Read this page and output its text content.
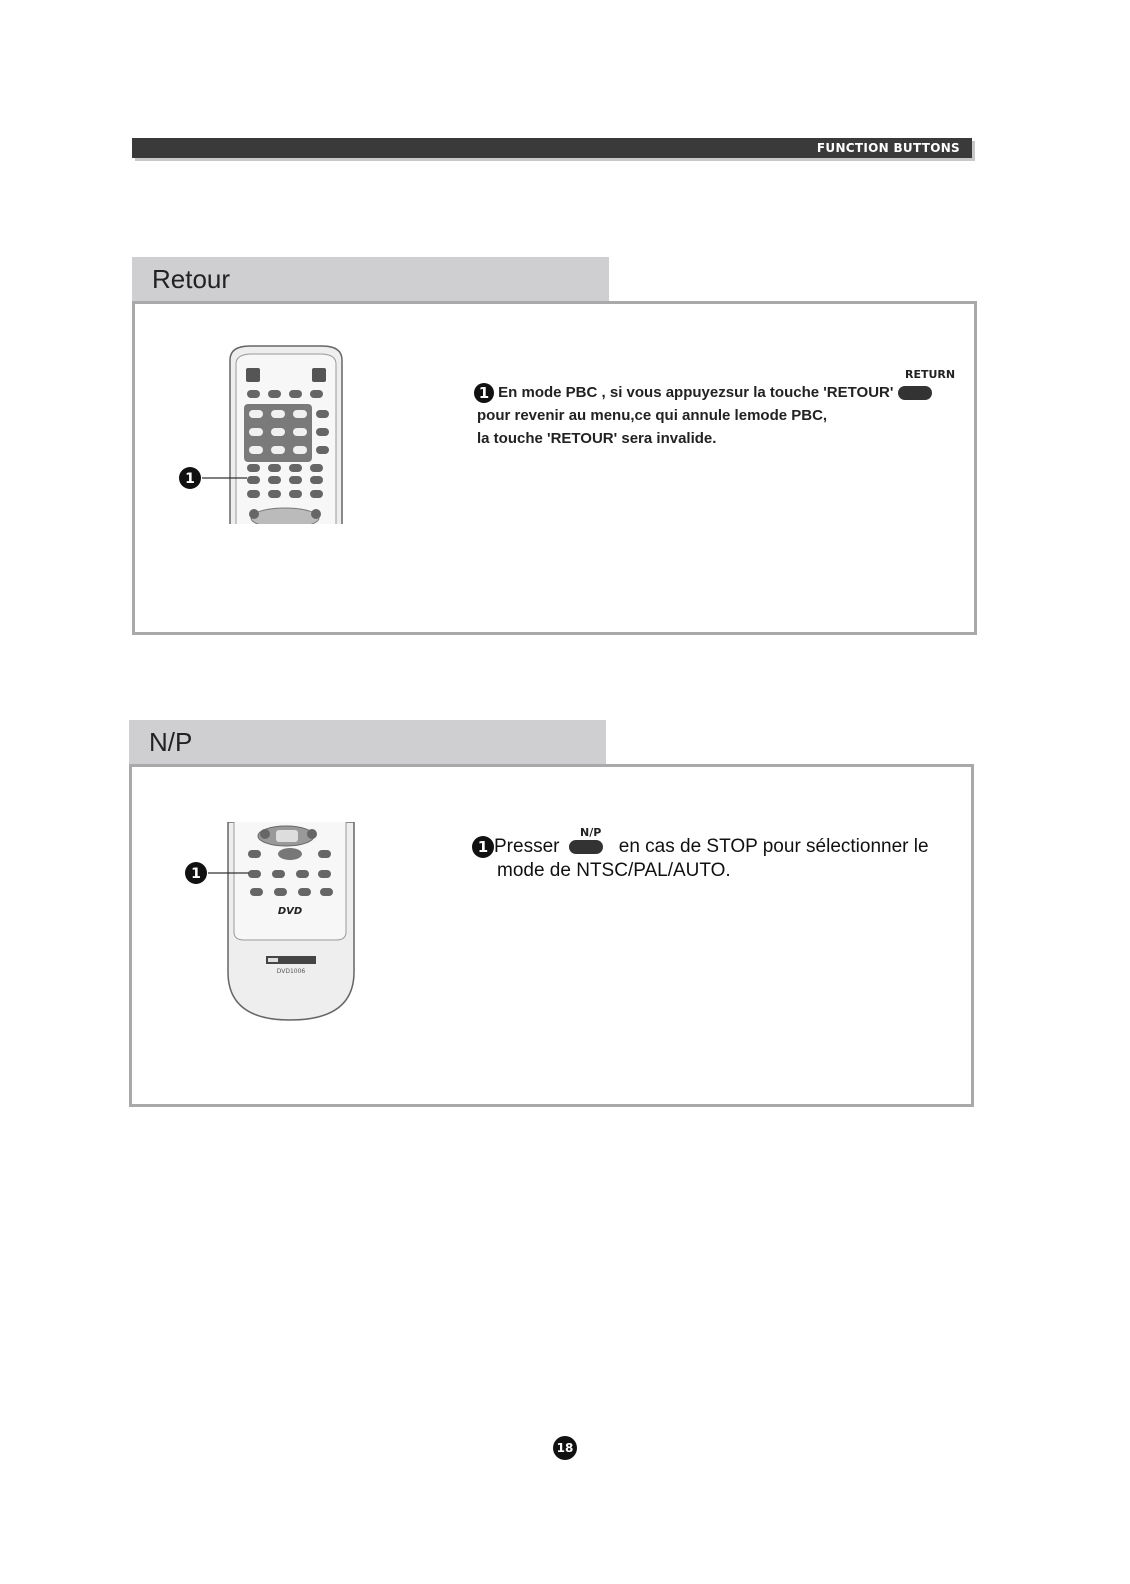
FUNCTION BUTTONS
Retour
1
RETURN
1 En mode PBC , si vous appuyezsur la touche 'RETOUR'
pour revenir au menu,ce qui annule lemode PBC,
la touche 'RETOUR' sera invalide.
N/P
DVD
DVD1006
1
N/P
1 Presser	en cas de STOP pour sélectionner le
mode de NTSC/PAL/AUTO.
18
